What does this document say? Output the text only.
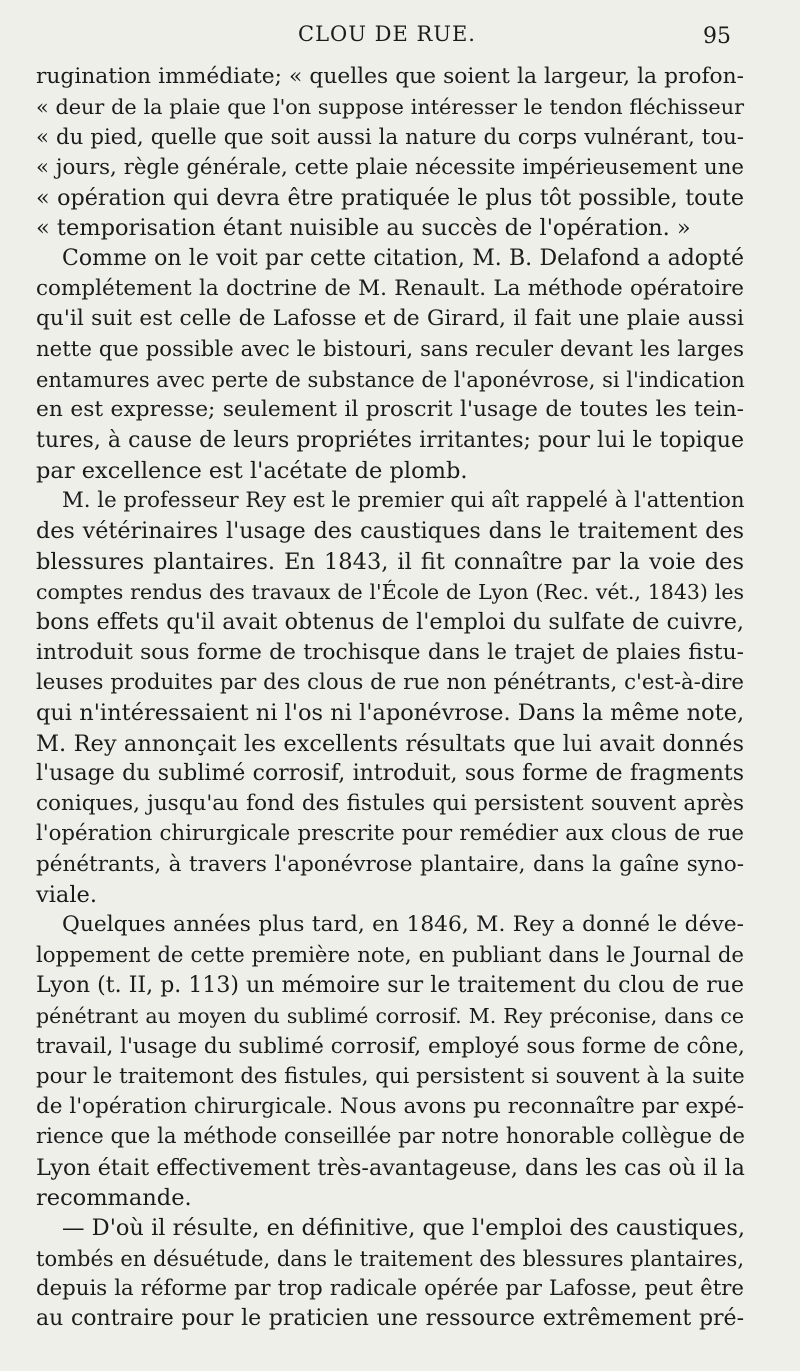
CLOU DE RUE.	95
rugination immédiate; « quelles que soient la largeur, la profon-
« deur de la plaie que l'on suppose intéresser le tendon fléchisseur
« du pied, quelle que soit aussi la nature du corps vulnérant, tou-
« jours, règle générale, cette plaie nécessite impérieusement une
« opération qui devra être pratiquée le plus tôt possible, toute
« temporisation étant nuisible au succès de l'opération. »
Comme on le voit par cette citation, M. B. Delafond a adopté
complétement la doctrine de M. Renault. La méthode opératoire
qu'il suit est celle de Lafosse et de Girard, il fait une plaie aussi
nette que possible avec le bistouri, sans reculer devant les larges
entamures avec perte de substance de l'aponévrose, si l'indication
en est expresse; seulement il proscrit l'usage de toutes les tein-
tures, à cause de leurs propriétes irritantes; pour lui le topique
par excellence est l'acétate de plomb.
M. le professeur Rey est le premier qui aît rappelé à l'attention
des vétérinaires l'usage des caustiques dans le traitement des
blessures plantaires. En 1843, il fit connaître par la voie des
comptes rendus des travaux de l'École de Lyon (Rec. vét., 1843) les
bons effets qu'il avait obtenus de l'emploi du sulfate de cuivre,
introduit sous forme de trochisque dans le trajet de plaies fistu-
leuses produites par des clous de rue non pénétrants, c'est-à-dire
qui n'intéressaient ni l'os ni l'aponévrose. Dans la même note,
M. Rey annonçait les excellents résultats que lui avait donnés
l'usage du sublimé corrosif, introduit, sous forme de fragments
coniques, jusqu'au fond des fistules qui persistent souvent après
l'opération chirurgicale prescrite pour remédier aux clous de rue
pénétrants, à travers l'aponévrose plantaire, dans la gaîne syno-
viale.
Quelques années plus tard, en 1846, M. Rey a donné le déve-
loppement de cette première note, en publiant dans le Journal de
Lyon (t. II, p. 113) un mémoire sur le traitement du clou de rue
pénétrant au moyen du sublimé corrosif. M. Rey préconise, dans ce
travail, l'usage du sublimé corrosif, employé sous forme de cône,
pour le traitemont des fistules, qui persistent si souvent à la suite
de l'opération chirurgicale. Nous avons pu reconnaître par expé-
rience que la méthode conseillée par notre honorable collègue de
Lyon était effectivement très-avantageuse, dans les cas où il la
recommande.
— D'où il résulte, en définitive, que l'emploi des caustiques,
tombés en désuétude, dans le traitement des blessures plantaires,
depuis la réforme par trop radicale opérée par Lafosse, peut être
au contraire pour le praticien une ressource extrêmement pré-
